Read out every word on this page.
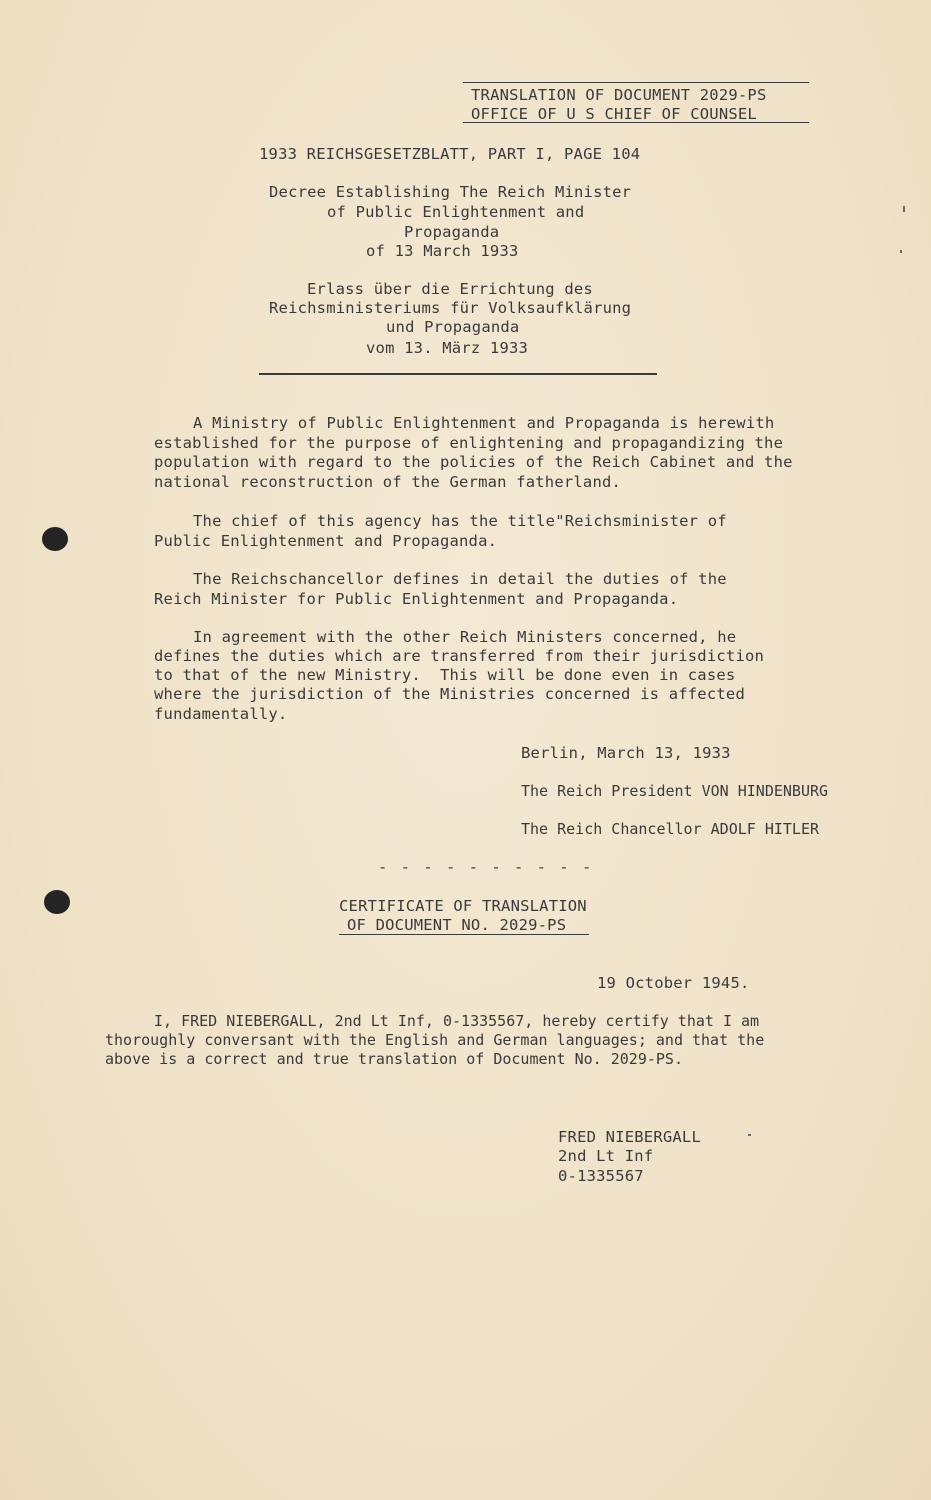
TRANSLATION OF DOCUMENT 2029-PS
OFFICE OF U S CHIEF OF COUNSEL
1933 REICHSGESETZBLATT, PART I, PAGE 104
Decree Establishing The Reich Minister
of Public Enlightenment and
Propaganda
of 13 March 1933
Erlass über die Errichtung des
Reichsministeriums für Volksaufklärung
und Propaganda
vom 13. März 1933
A Ministry of Public Enlightenment and Propaganda is herewith
established for the purpose of enlightening and propagandizing the
population with regard to the policies of the Reich Cabinet and the
national reconstruction of the German fatherland.
The chief of this agency has the title"Reichsminister of
Public Enlightenment and Propaganda.
The Reichschancellor defines in detail the duties of the
Reich Minister for Public Enlightenment and Propaganda.
In agreement with the other Reich Ministers concerned, he
defines the duties which are transferred from their jurisdiction
to that of the new Ministry.  This will be done even in cases
where the jurisdiction of the Ministries concerned is affected
fundamentally.
Berlin, March 13, 1933
The Reich President VON HINDENBURG
The Reich Chancellor ADOLF HITLER
- - - - - - - - - -
CERTIFICATE OF TRANSLATION
OF DOCUMENT NO. 2029-PS
19 October 1945.
I, FRED NIEBERGALL, 2nd Lt Inf, 0-1335567, hereby certify that I am
thoroughly conversant with the English and German languages; and that the
above is a correct and true translation of Document No. 2029-PS.
FRED NIEBERGALL
2nd Lt Inf
0-1335567
